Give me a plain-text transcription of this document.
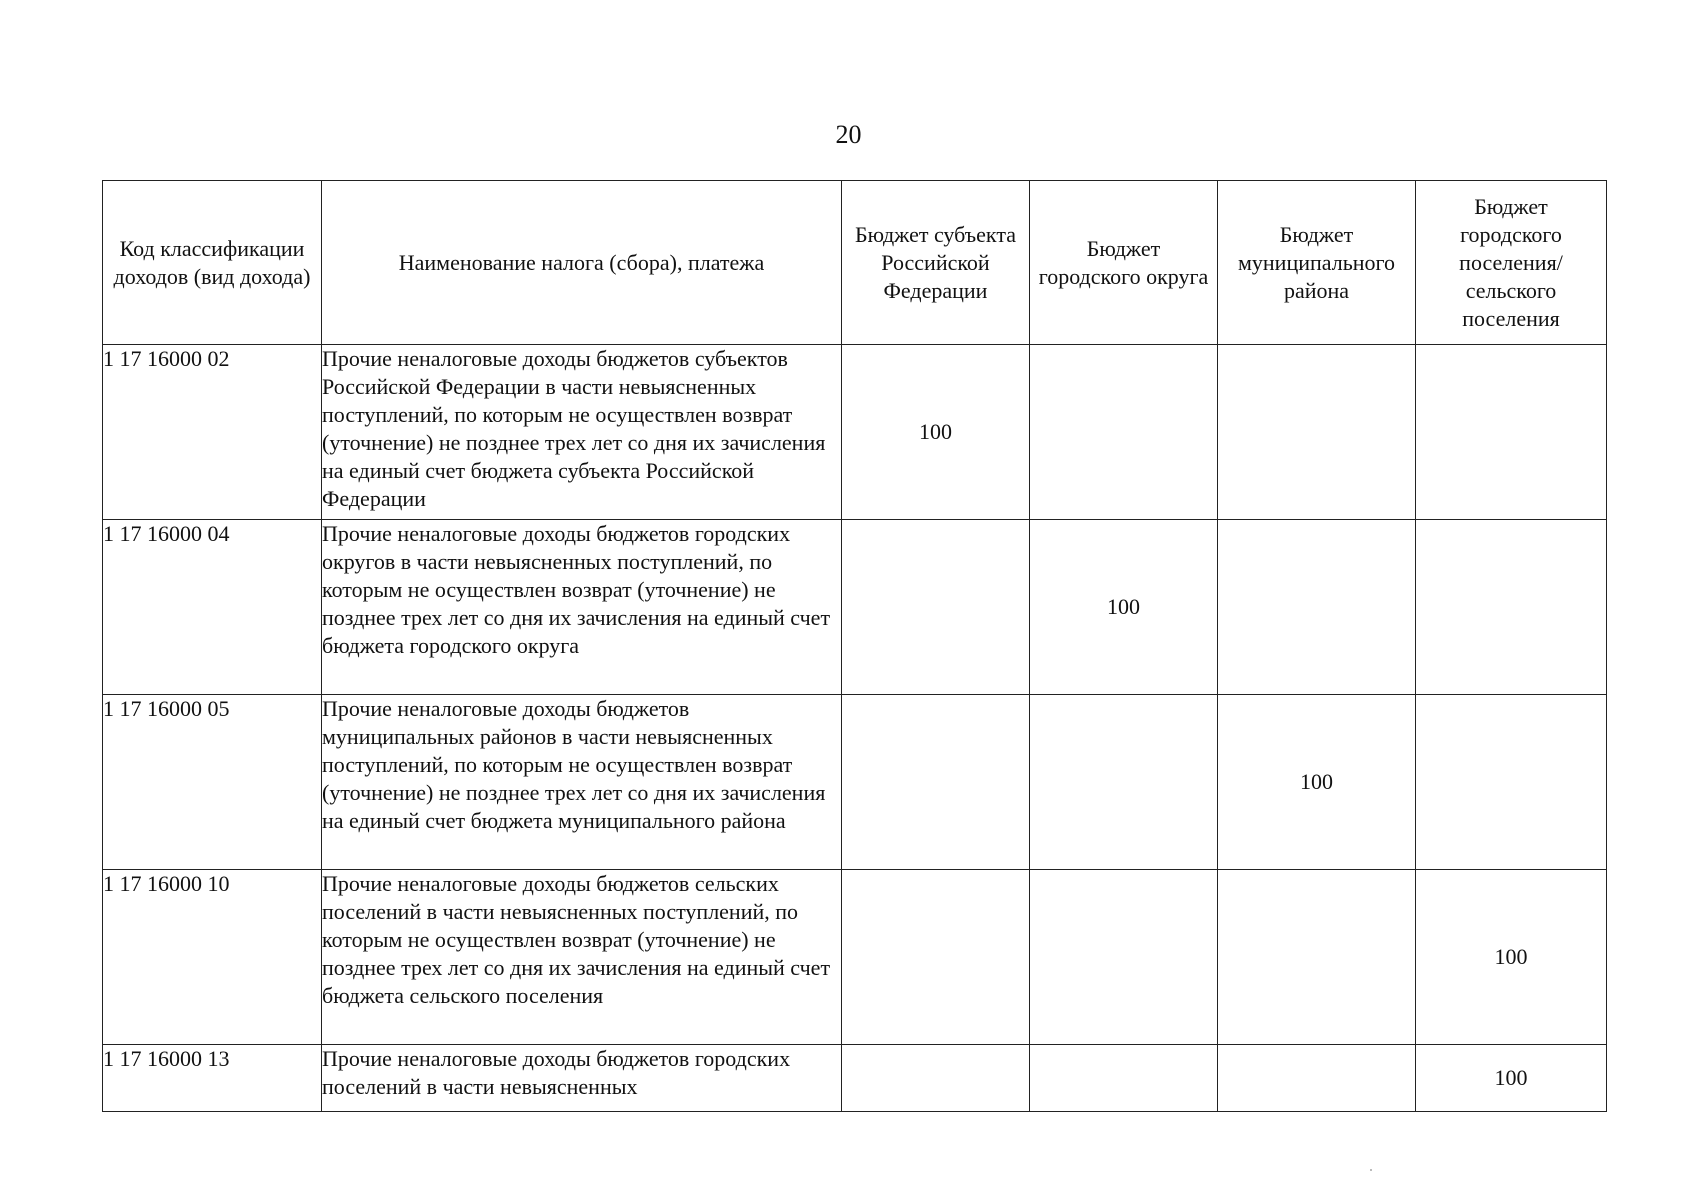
20
Код классификации доходов (вид дохода)	Наименование налога (сбора), платежа	Бюджет субъекта Российской Федерации	Бюджет городского округа	Бюджет муниципального района	Бюджет городского поселения/ сельского поселения
1 17 16000 02	Прочие неналоговые доходы бюджетов субъектов Российской Федерации в части невыясненных поступлений, по которым не осуществлен возврат (уточнение) не позднее трех лет со дня их зачисления на единый счет бюджета субъекта Российской Федерации	100			
1 17 16000 04	Прочие неналоговые доходы бюджетов городских округов в части невыясненных поступлений, по которым не осуществлен возврат (уточнение) не позднее трех лет со дня их зачисления на единый счет бюджета городского округа		100		
1 17 16000 05	Прочие неналоговые доходы бюджетов муниципальных районов в части невыясненных поступлений, по которым не осуществлен возврат (уточнение) не позднее трех лет со дня их зачисления на единый счет бюджета муниципального района			100	
1 17 16000 10	Прочие неналоговые доходы бюджетов сельских поселений в части невыясненных поступлений, по которым не осуществлен возврат (уточнение) не позднее трех лет со дня их зачисления на единый счет бюджета сельского поселения				100
1 17 16000 13	Прочие неналоговые доходы бюджетов городских поселений в части невыясненных				100
